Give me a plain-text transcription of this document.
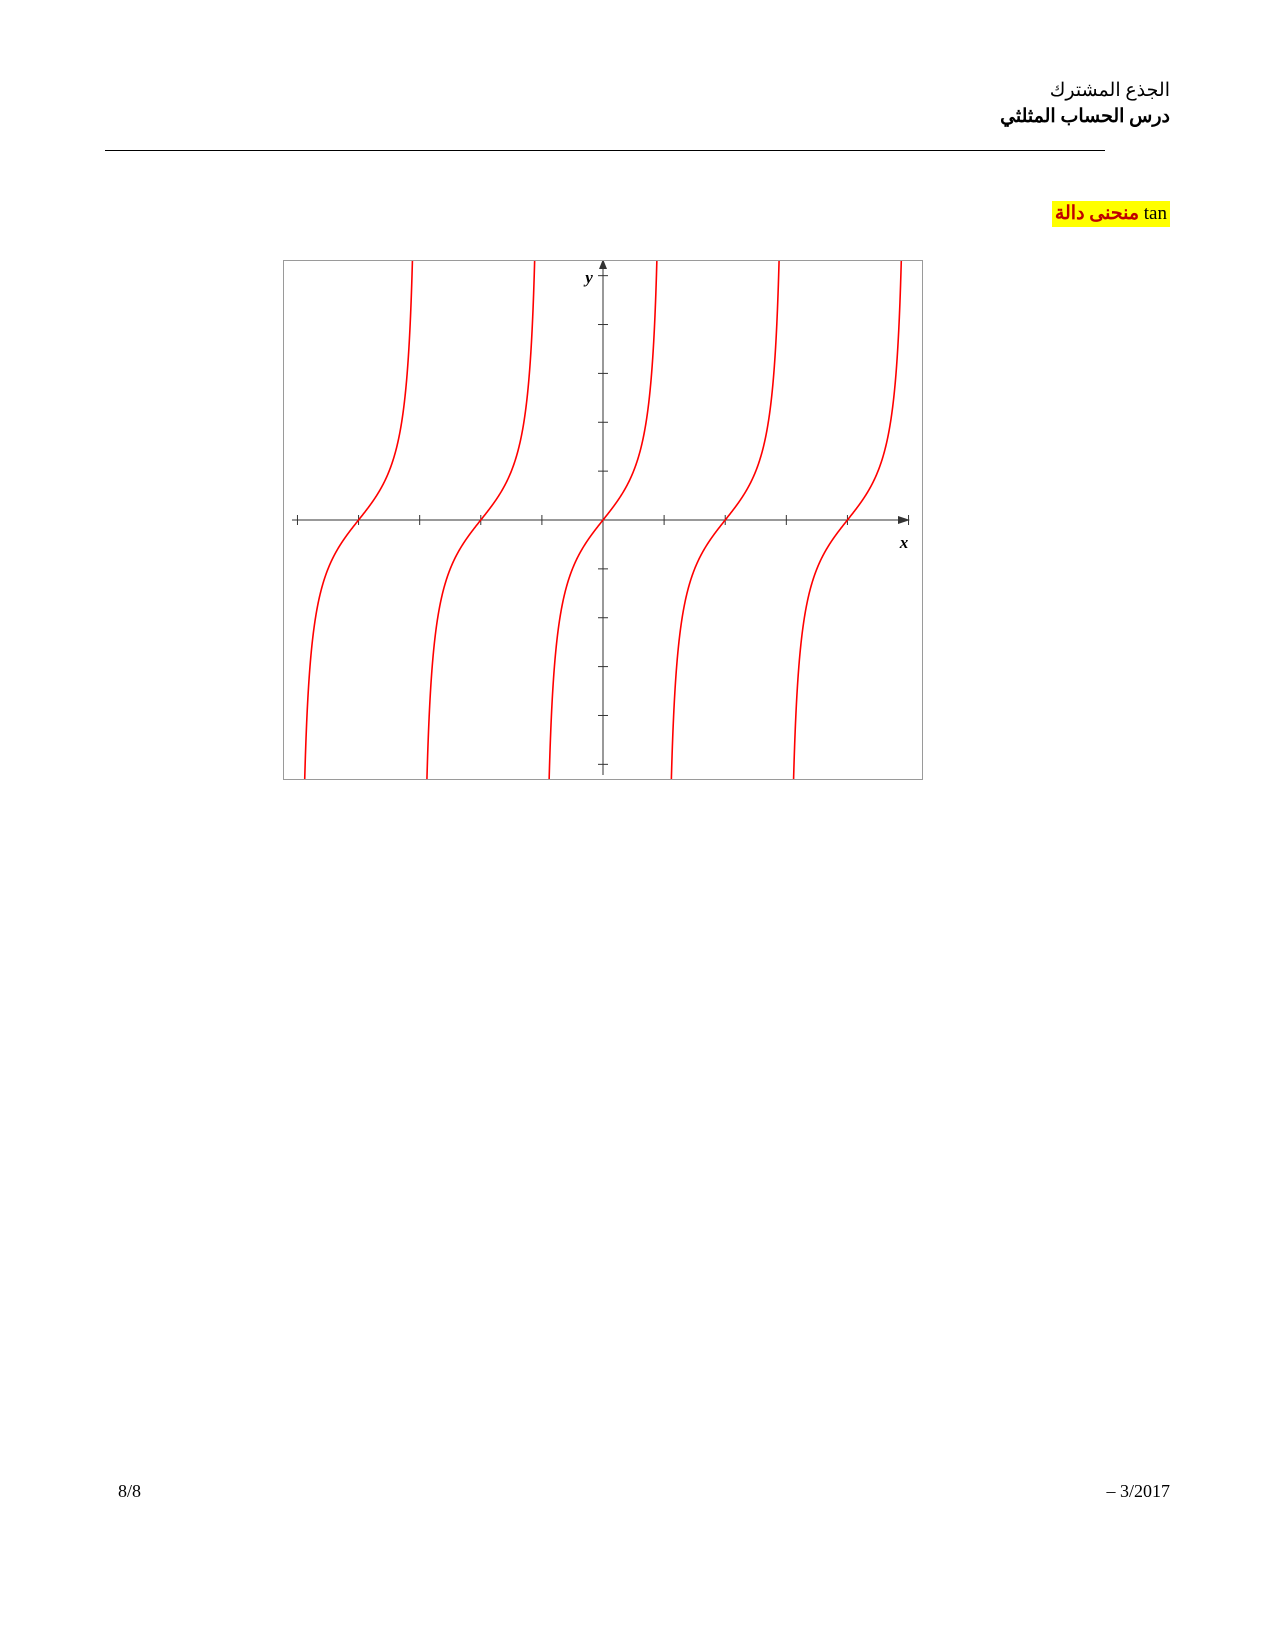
الجذع المشترك
درس الحساب المثلثي
tan منحنى دالة
x
y
8/8	– 3/2017
